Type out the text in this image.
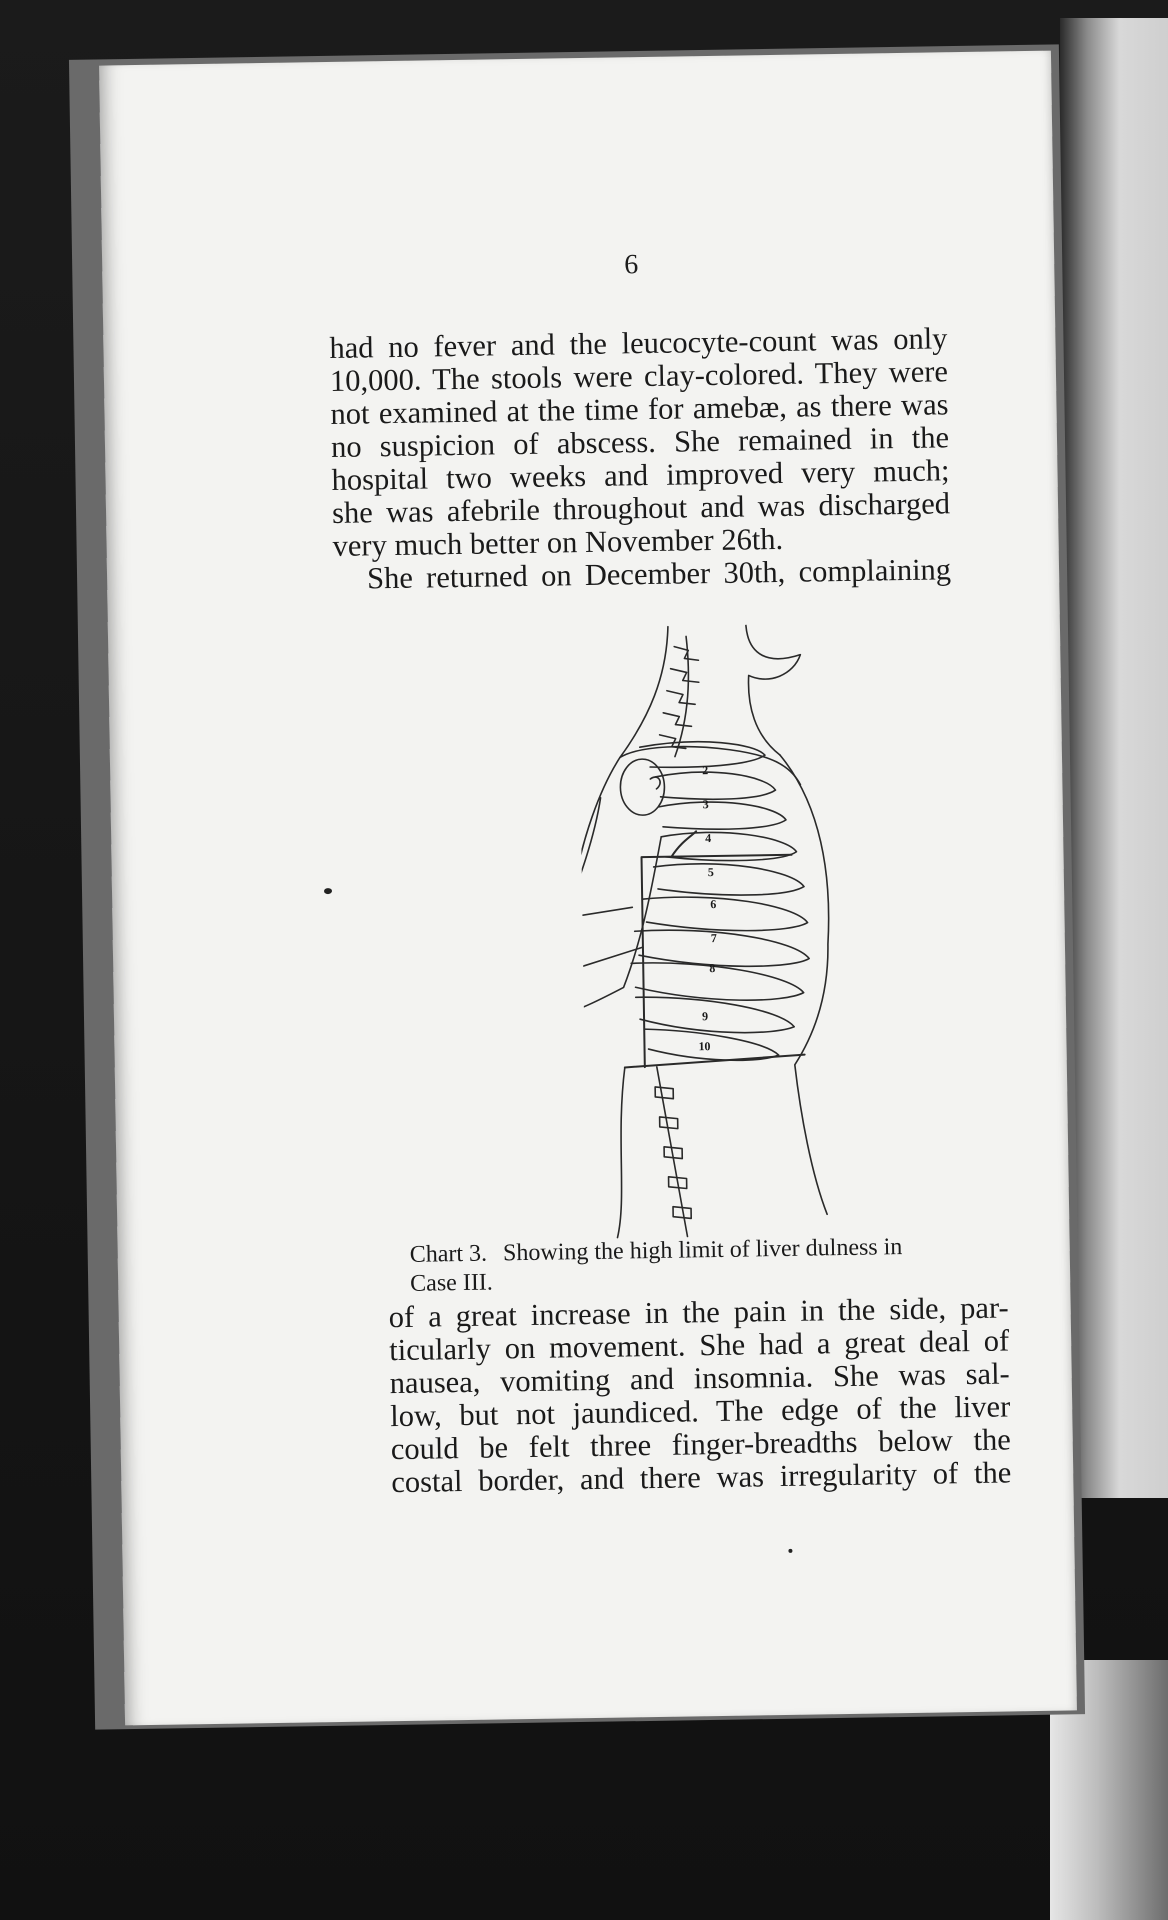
6
had no fever and the leucocyte-count was only
10,000. The stools were clay-colored. They were
not examined at the time for amebæ, as there was
no suspicion of abscess. She remained in the
hospital two weeks and improved very much;
she was afebrile throughout and was discharged
very much better on November 26th.
She returned on December 30th, complaining
2
3
4
5
6
7
8
9
10
Chart 3. Showing the high limit of liver dulness in
Case III.
of a great increase in the pain in the side, par-
ticularly on movement. She had a great deal of
nausea, vomiting and insomnia. She was sal-
low, but not jaundiced. The edge of the liver
could be felt three finger-breadths below the
costal border, and there was irregularity of the
